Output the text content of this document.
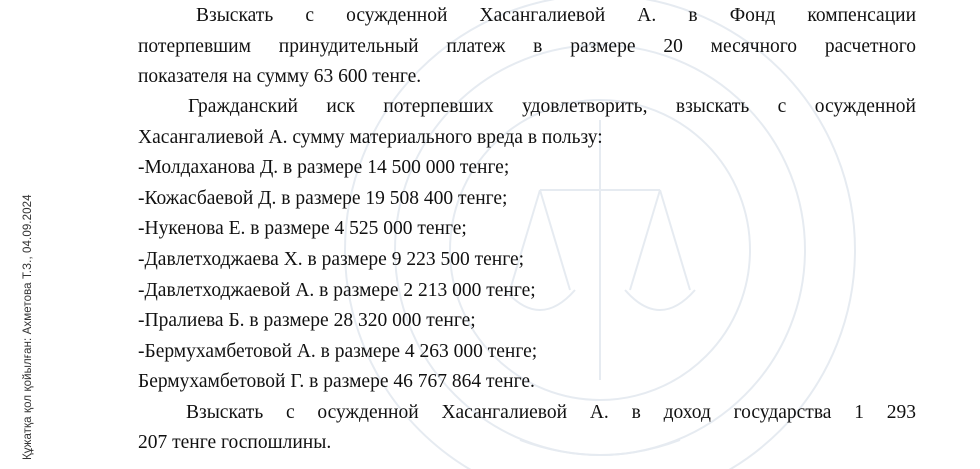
Құжатқа қол қойылған: Ахметова Т.З., 04.09.2024
Взыскать с осужденной Хасангалиевой А. в Фонд компенсации
потерпевшим принудительный платеж в размере 20 месячного расчетного
показателя на сумму 63 600 тенге.
Гражданский иск потерпевших удовлетворить, взыскать с осужденной
Хасангалиевой А. сумму материального вреда в пользу:
-Молдаханова Д. в размере 14 500 000 тенге;
-Кожасбаевой Д. в размере 19 508 400 тенге;
-Нукенова Е. в размере 4 525 000 тенге;
-Давлетходжаева Х. в размере 9 223 500 тенге;
-Давлетходжаевой А. в размере 2 213 000 тенге;
-Пралиева Б. в размере 28 320 000 тенге;
-Бермухамбетовой А. в размере 4 263 000 тенге;
Бермухамбетовой Г. в размере 46 767 864 тенге.
Взыскать с осужденной Хасангалиевой А. в доход государства 1 293
207 тенге госпошлины.
